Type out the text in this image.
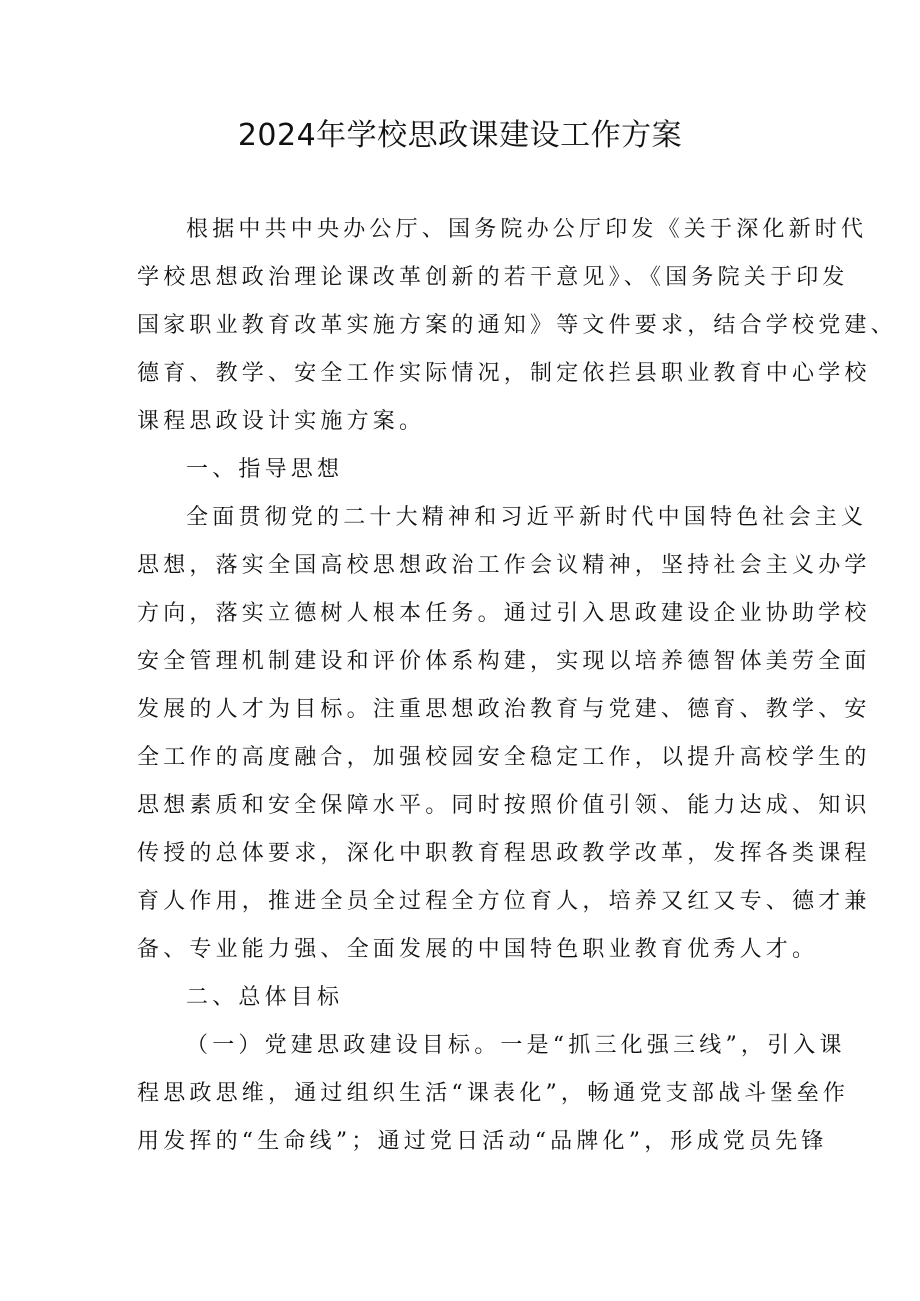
2024年学校思政课建设工作方案
根据中共中央办公厅、国务院办公厅印发《关于深化新时代
学校思想政治理论课改革创新的若干意见》、《国务院关于印发
国家职业教育改革实施方案的通知》等文件要求，结合学校党建、
德育、教学、安全工作实际情况，制定依拦县职业教育中心学校
课程思政设计实施方案。
一、指导思想
全面贯彻党的二十大精神和习近平新时代中国特色社会主义
思想，落实全国高校思想政治工作会议精神，坚持社会主义办学
方向，落实立德树人根本任务。通过引入思政建设企业协助学校
安全管理机制建设和评价体系构建，实现以培养德智体美劳全面
发展的人才为目标。注重思想政治教育与党建、德育、教学、安
全工作的高度融合，加强校园安全稳定工作，以提升高校学生的
思想素质和安全保障水平。同时按照价值引领、能力达成、知识
传授的总体要求，深化中职教育程思政教学改革，发挥各类课程
育人作用，推进全员全过程全方位育人，培养又红又专、德才兼
备、专业能力强、全面发展的中国特色职业教育优秀人才。
二、总体目标
（一）党建思政建设目标。一是“抓三化强三线”，引入课
程思政思维，通过组织生活“课表化”，畅通党支部战斗堡垒作
用发挥的“生命线”；通过党日活动“品牌化”，形成党员先锋
